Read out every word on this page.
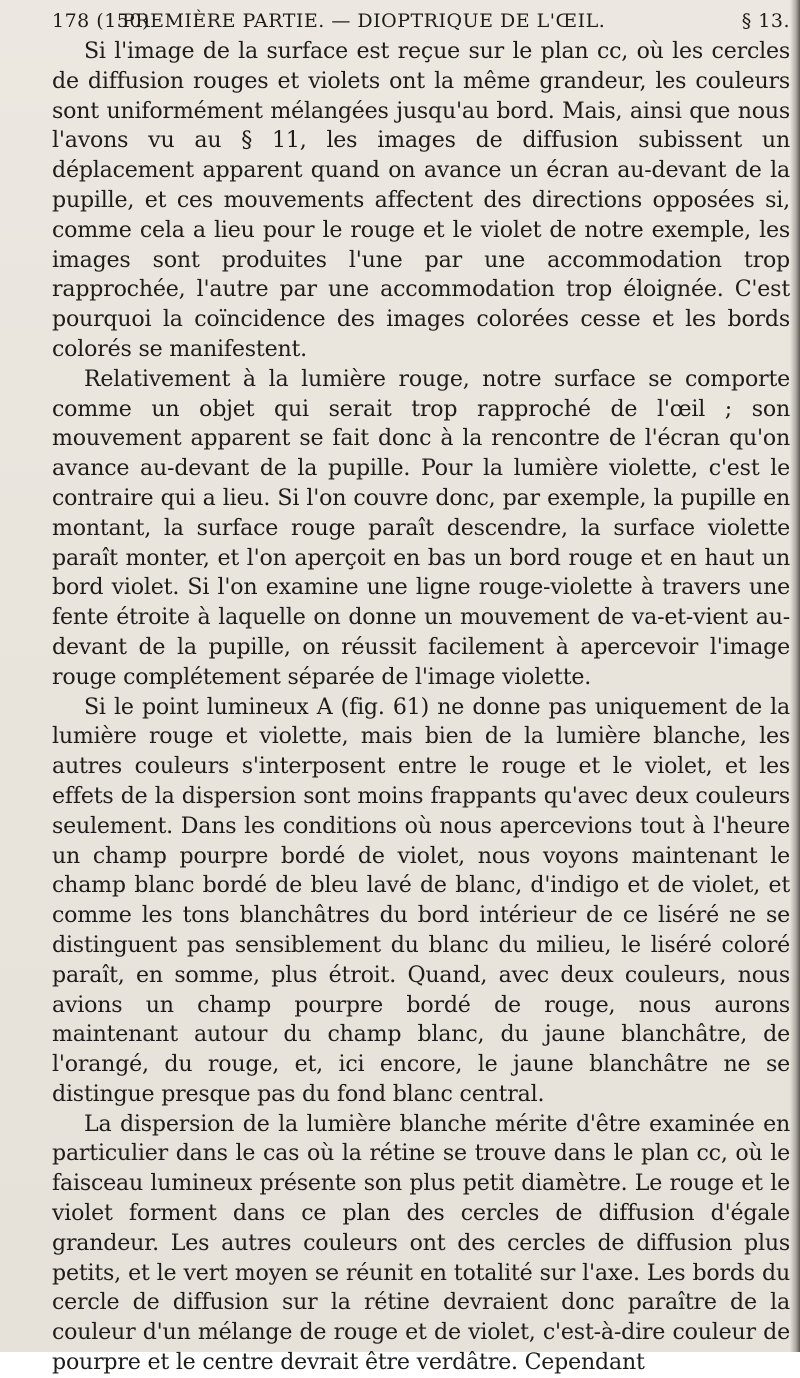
178 (150)
PREMIÈRE PARTIE. — DIOPTRIQUE DE L'ŒIL.	§ 13.

Si l'image de la surface est reçue sur le plan cc, où les cercles de diffusion rouges et violets ont la même grandeur, les couleurs sont uniformément mélangées jusqu'au bord. Mais, ainsi que nous l'avons vu au § 11, les images de diffusion subissent un déplacement apparent quand on avance un écran au-devant de la pupille, et ces mouvements affectent des directions opposées si, comme cela a lieu pour le rouge et le violet de notre exemple, les images sont produites l'une par une accommodation trop rapprochée, l'autre par une accommodation trop éloignée. C'est pourquoi la coïncidence des images colorées cesse et les bords colorés se manifestent.

Relativement à la lumière rouge, notre surface se comporte comme un objet qui serait trop rapproché de l'œil ; son mouvement apparent se fait donc à la rencontre de l'écran qu'on avance au-devant de la pupille. Pour la lumière violette, c'est le contraire qui a lieu. Si l'on couvre donc, par exemple, la pupille en montant, la surface rouge paraît descendre, la surface violette paraît monter, et l'on aperçoit en bas un bord rouge et en haut un bord violet. Si l'on examine une ligne rouge-violette à travers une fente étroite à laquelle on donne un mouvement de va-et-vient au-devant de la pupille, on réussit facilement à apercevoir l'image rouge complétement séparée de l'image violette.

Si le point lumineux A (fig. 61) ne donne pas uniquement de la lumière rouge et violette, mais bien de la lumière blanche, les autres couleurs s'interposent entre le rouge et le violet, et les effets de la dispersion sont moins frappants qu'avec deux couleurs seulement. Dans les conditions où nous apercevions tout à l'heure un champ pourpre bordé de violet, nous voyons maintenant le champ blanc bordé de bleu lavé de blanc, d'indigo et de violet, et comme les tons blanchâtres du bord intérieur de ce liséré ne se distinguent pas sensiblement du blanc du milieu, le liséré coloré paraît, en somme, plus étroit. Quand, avec deux couleurs, nous avions un champ pourpre bordé de rouge, nous aurons maintenant autour du champ blanc, du jaune blanchâtre, de l'orangé, du rouge, et, ici encore, le jaune blanchâtre ne se distingue presque pas du fond blanc central.

La dispersion de la lumière blanche mérite d'être examinée en particulier dans le cas où la rétine se trouve dans le plan cc, où le faisceau lumineux présente son plus petit diamètre. Le rouge et le violet forment dans ce plan des cercles de diffusion d'égale grandeur. Les autres couleurs ont des cercles de diffusion plus petits, et le vert moyen se réunit en totalité sur l'axe. Les bords du cercle de diffusion sur la rétine devraient donc paraître de la couleur d'un mélange de rouge et de violet, c'est-à-dire couleur de pourpre et le centre devrait être verdâtre. Cependant
